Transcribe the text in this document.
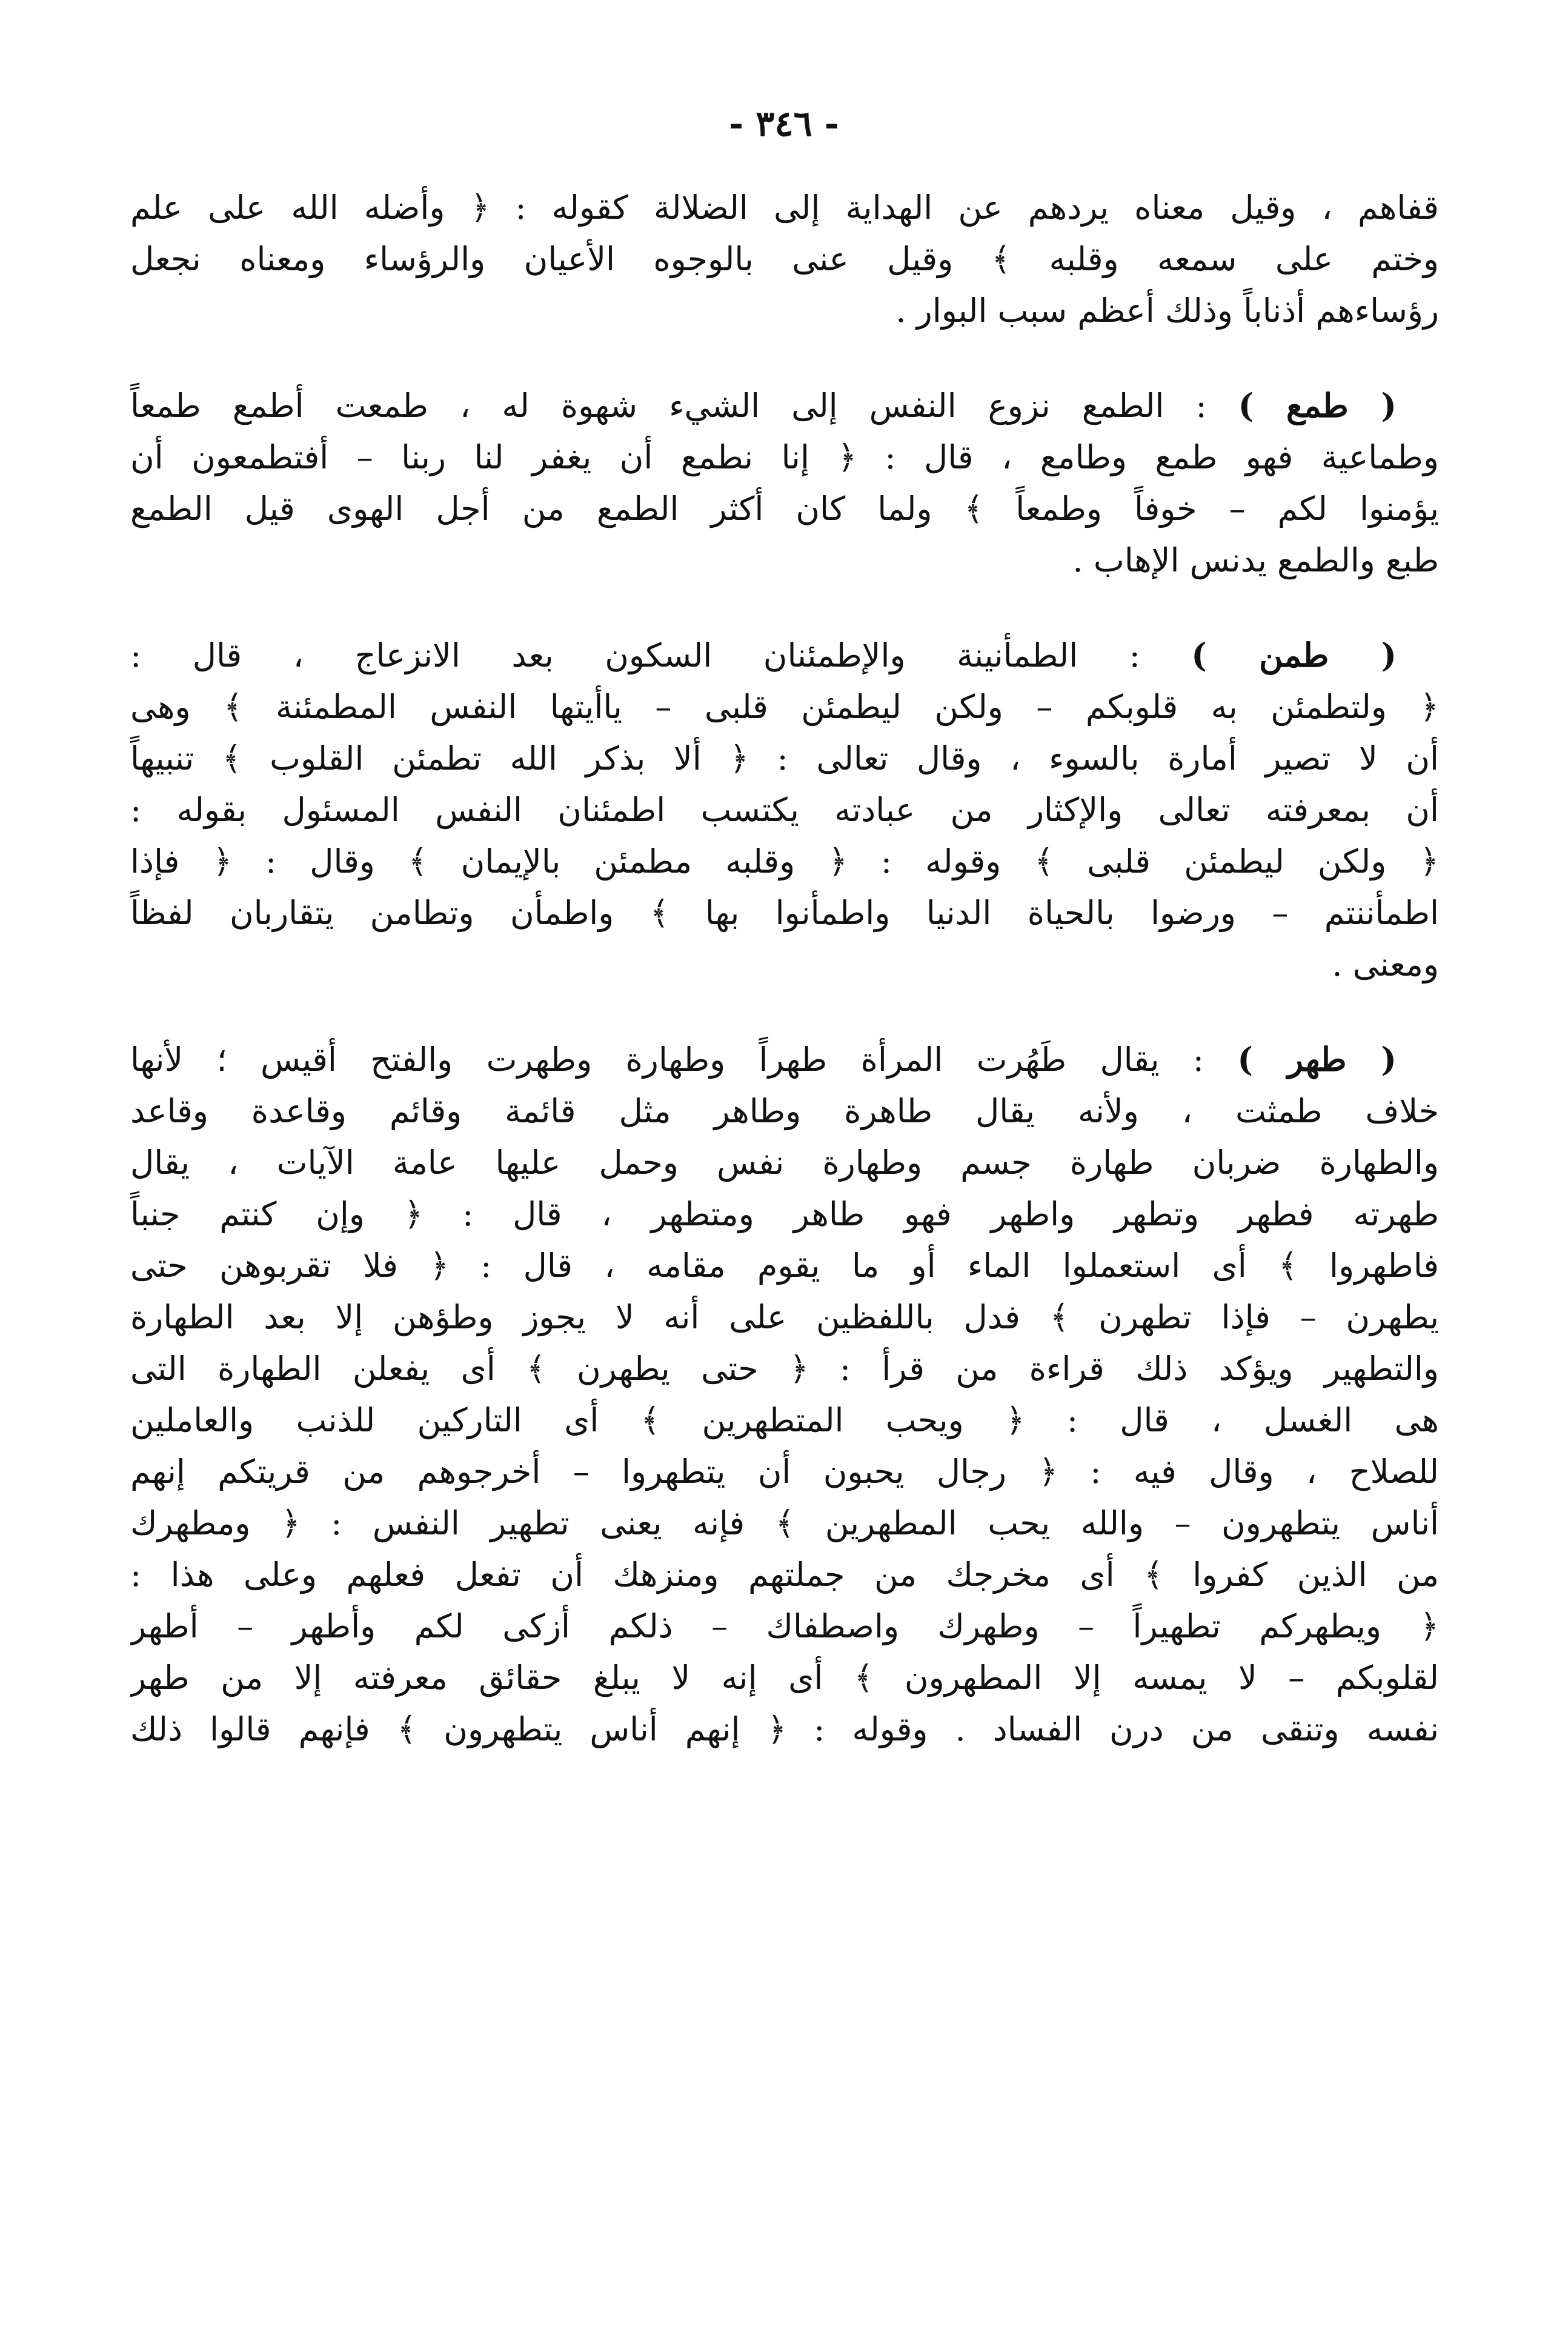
- ٣٤٦ -
قفاهم ، وقيل معناه يردهم عن الهداية إلى الضلالة كقوله : ﴿ وأضله الله على علم
وختم على سمعه وقلبه ﴾ وقيل عنى بالوجوه الأعيان والرؤساء ومعناه نجعل
رؤساءهم أذناباً وذلك أعظم سبب البوار .
( طمع ) : الطمع نزوع النفس إلى الشيء شهوة له ، طمعت أطمع طمعاً
وطماعية فهو طمع وطامع ، قال : ﴿ إنا نطمع أن يغفر لنا ربنا – أفتطمعون أن
يؤمنوا لكم – خوفاً وطمعاً ﴾ ولما كان أكثر الطمع من أجل الهوى قيل الطمع
طبع والطمع يدنس الإهاب .
( طمن ) : الطمأنينة والإطمئنان السكون بعد الانزعاج ، قال :
﴿ ولتطمئن به قلوبكم – ولكن ليطمئن قلبى – ياأيتها النفس المطمئنة ﴾ وهى
أن لا تصير أمارة بالسوء ، وقال تعالى : ﴿ ألا بذكر الله تطمئن القلوب ﴾ تنبيهاً
أن بمعرفته تعالى والإكثار من عبادته يكتسب اطمئنان النفس المسئول بقوله :
﴿ ولكن ليطمئن قلبى ﴾ وقوله : ﴿ وقلبه مطمئن بالإيمان ﴾ وقال : ﴿ فإذا
اطمأننتم – ورضوا بالحياة الدنيا واطمأنوا بها ﴾ واطمأن وتطامن يتقاربان لفظاً
ومعنى .
( طهر ) : يقال طَهُرت المرأة طهراً وطهارة وطهرت والفتح أقيس ؛ لأنها
خلاف طمثت ، ولأنه يقال طاهرة وطاهر مثل قائمة وقائم وقاعدة وقاعد
والطهارة ضربان طهارة جسم وطهارة نفس وحمل عليها عامة الآيات ، يقال
طهرته فطهر وتطهر واطهر فهو طاهر ومتطهر ، قال : ﴿ وإن كنتم جنباً
فاطهروا ﴾ أى استعملوا الماء أو ما يقوم مقامه ، قال : ﴿ فلا تقربوهن حتى
يطهرن – فإذا تطهرن ﴾ فدل باللفظين على أنه لا يجوز وطؤهن إلا بعد الطهارة
والتطهير ويؤكد ذلك قراءة من قرأ : ﴿ حتى يطهرن ﴾ أى يفعلن الطهارة التى
هى الغسل ، قال : ﴿ ويحب المتطهرين ﴾ أى التاركين للذنب والعاملين
للصلاح ، وقال فيه : ﴿ رجال يحبون أن يتطهروا – أخرجوهم من قريتكم إنهم
أناس يتطهرون – والله يحب المطهرين ﴾ فإنه يعنى تطهير النفس : ﴿ ومطهرك
من الذين كفروا ﴾ أى مخرجك من جملتهم ومنزهك أن تفعل فعلهم وعلى هذا :
﴿ ويطهركم تطهيراً – وطهرك واصطفاك – ذلكم أزكى لكم وأطهر – أطهر
لقلوبكم – لا يمسه إلا المطهرون ﴾ أى إنه لا يبلغ حقائق معرفته إلا من طهر
نفسه وتنقى من درن الفساد . وقوله : ﴿ إنهم أناس يتطهرون ﴾ فإنهم قالوا ذلك
